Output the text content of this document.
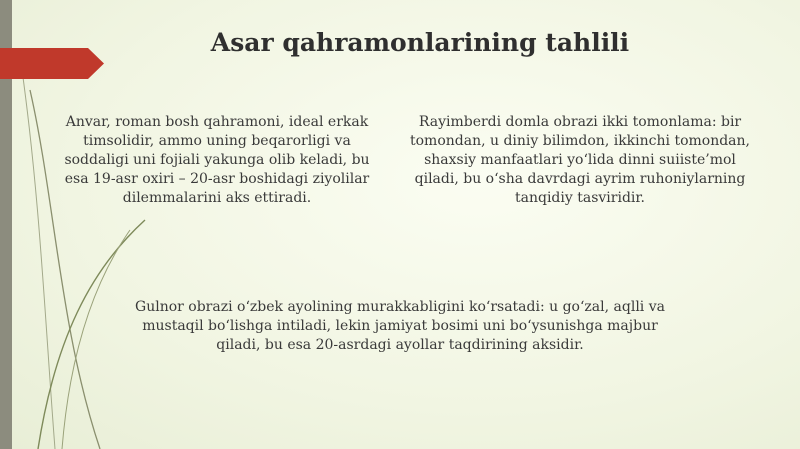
Asar qahramonlarining tahlili
Anvar, roman bosh qahramoni, ideal erkak timsolidir, ammo uning beqarorligi va soddaligi uni fojiali yakunga olib keladi, bu esa 19-asr oxiri – 20-asr boshidagi ziyolilar dilemmalarini aks ettiradi.
Rayimberdi domla obrazi ikki tomonlama: bir tomondan, u diniy bilimdon, ikkinchi tomondan, shaxsiy manfaatlari yo‘lida dinni suiiste’mol qiladi, bu o‘sha davrdagi ayrim ruhoniylarning tanqidiy tasviridir.
Gulnor obrazi o‘zbek ayolining murakkabligini ko‘rsatadi: u go‘zal, aqlli va mustaqil bo‘lishga intiladi, lekin jamiyat bosimi uni bo‘ysunishga majbur qiladi, bu esa 20-asrdagi ayollar taqdirining aksidir.
